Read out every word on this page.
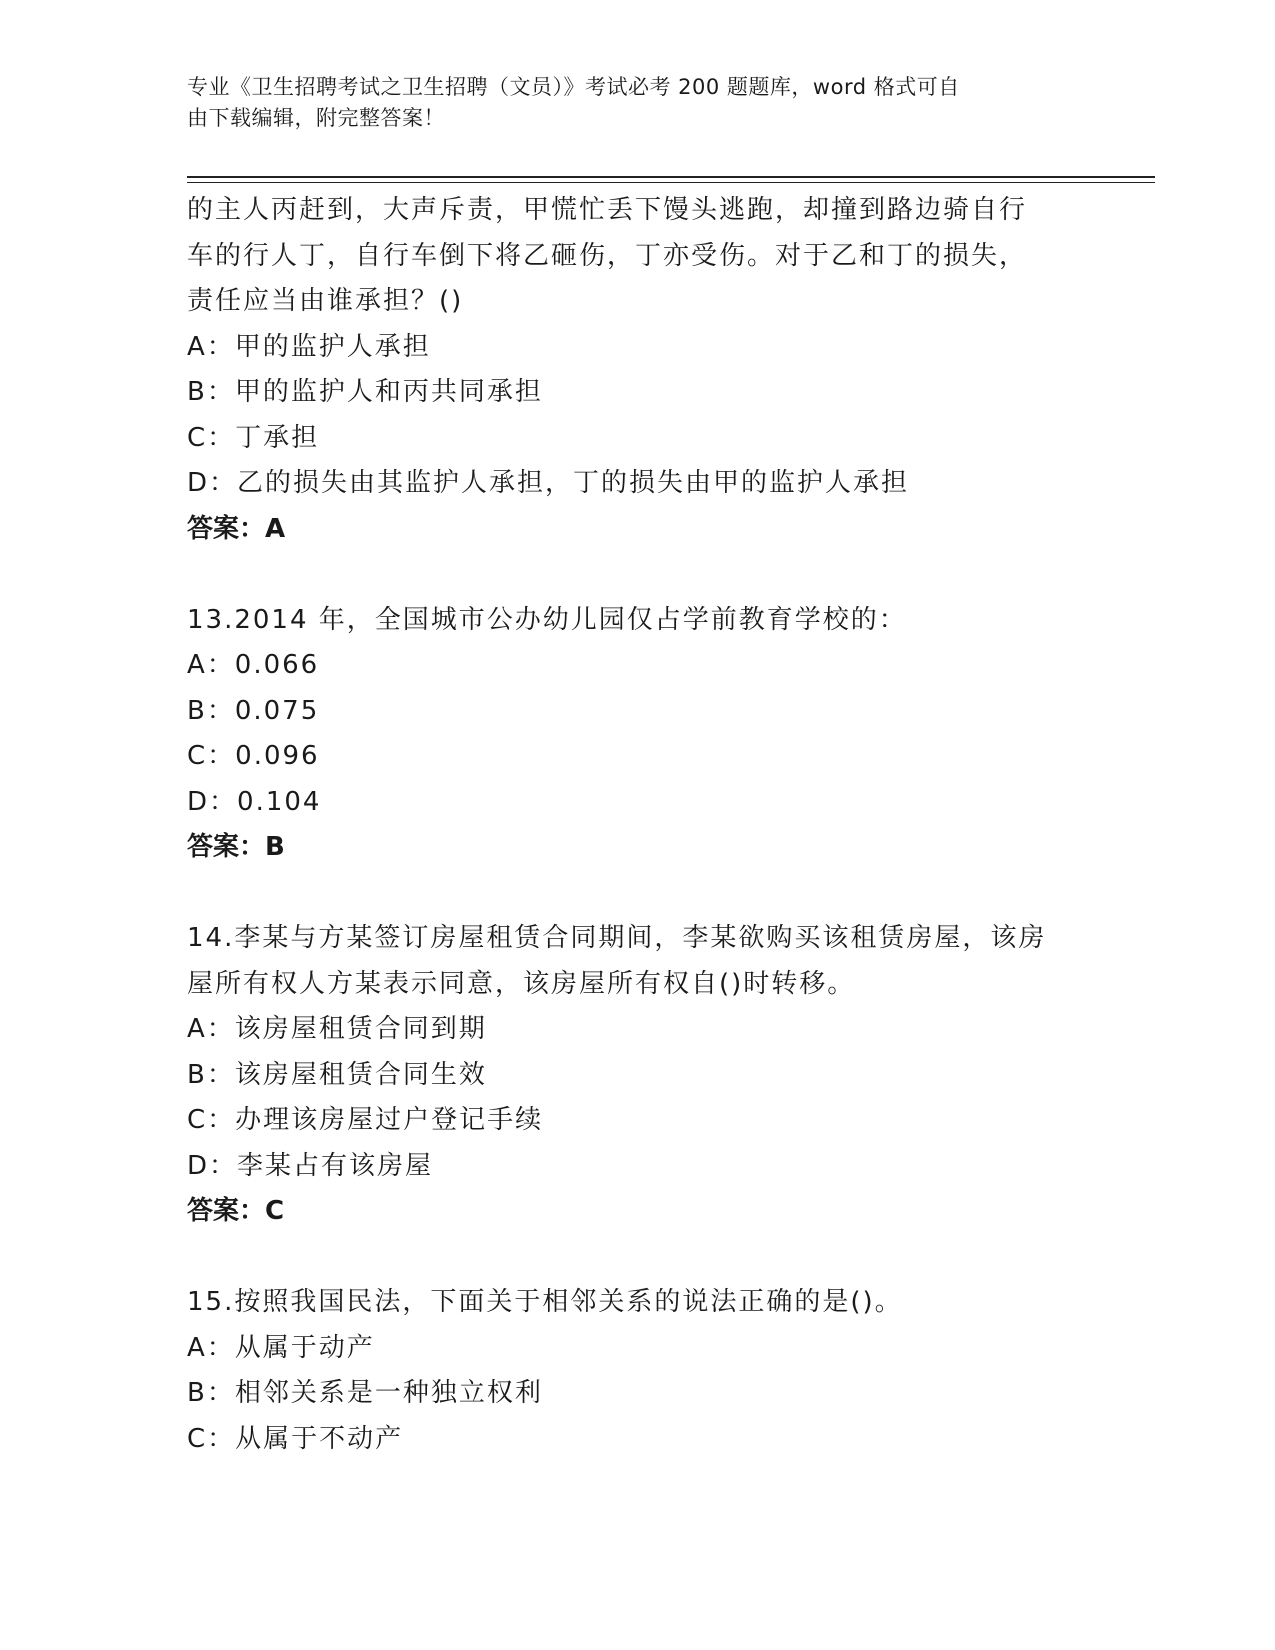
专业《卫生招聘考试之卫生招聘（文员）》考试必考 200 题题库，word 格式可自
由下载编辑，附完整答案！
的主人丙赶到，大声斥责，甲慌忙丢下馒头逃跑，却撞到路边骑自行
车的行人丁，自行车倒下将乙砸伤，丁亦受伤。对于乙和丁的损失，
责任应当由谁承担？()
A：甲的监护人承担
B：甲的监护人和丙共同承担
C：丁承担
D：乙的损失由其监护人承担，丁的损失由甲的监护人承担
答案：A
13.2014 年，全国城市公办幼儿园仅占学前教育学校的：
A：0.066
B：0.075
C：0.096
D：0.104
答案：B
14.李某与方某签订房屋租赁合同期间，李某欲购买该租赁房屋，该房
屋所有权人方某表示同意，该房屋所有权自()时转移。
A：该房屋租赁合同到期
B：该房屋租赁合同生效
C：办理该房屋过户登记手续
D：李某占有该房屋
答案：C
15.按照我国民法，下面关于相邻关系的说法正确的是()。
A：从属于动产
B：相邻关系是一种独立权利
C：从属于不动产
